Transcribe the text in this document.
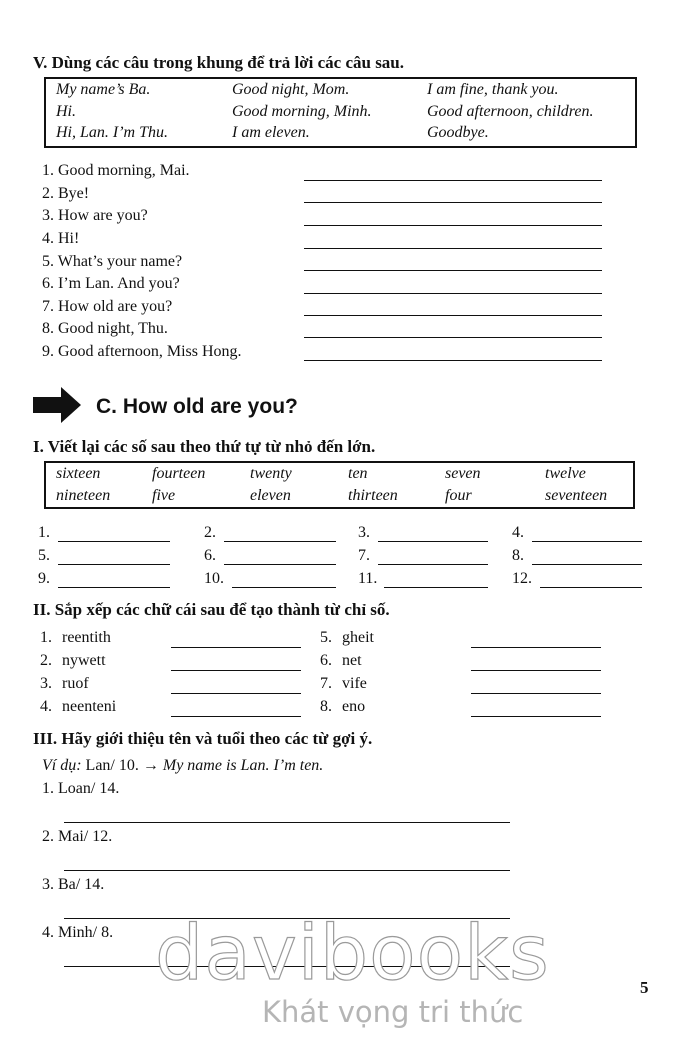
V. Dùng các câu trong khung để trả lời các câu sau.
My name’s Ba.	Good night, Mom.	I am fine, thank you.
Hi.	Good morning, Minh.	Good afternoon, children.
Hi, Lan. I’m Thu.	I am eleven.	Goodbye.
1. Good morning, Mai.
2. Bye!
3. How are you?
4. Hi!
5. What’s your name?
6. I’m Lan. And you?
7. How old are you?
8. Good night, Thu.
9. Good afternoon, Miss Hong.
C. How old are you?
I. Viết lại các số sau theo thứ tự từ nhỏ đến lớn.
sixteen	fourteen	twenty	ten	seven	twelve
nineteen	five	eleven	thirteen	four	seventeen
1.	2.	3.	4.
5.	6.	7.	8.
9.	10.	11.	12.
II. Sắp xếp các chữ cái sau để tạo thành từ chỉ số.
1. reentith
2. nywett
3. ruof
4. neenteni
5. gheit
6. net
7. vife
8. eno
III. Hãy giới thiệu tên và tuổi theo các từ gợi ý.
Ví dụ: Lan/ 10. → My name is Lan. I’m ten.
1. Loan/ 14.
2. Mai/ 12.
3. Ba/ 14.
4. Minh/ 8. davibooks
Khát vọng tri thức
5
